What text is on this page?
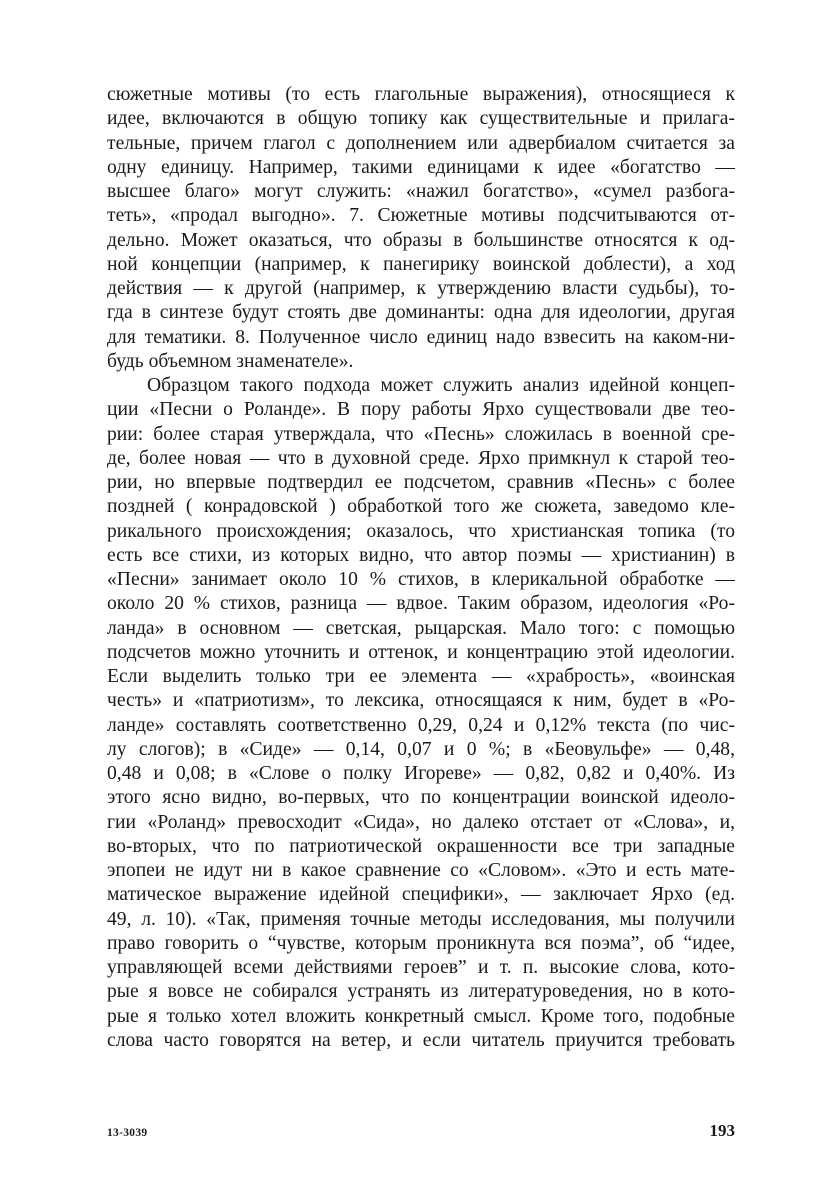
сюжетные мотивы (то есть глагольные выражения), относящиеся к
идее, включаются в общую топику как существительные и прилага-
тельные, причем глагол с дополнением или адвербиалом считается за
одну единицу. Например, такими единицами к идее «богатство —
высшее благо» могут служить: «нажил богатство», «сумел разбога-
теть», «продал выгодно». 7. Сюжетные мотивы подсчитываются от-
дельно. Может оказаться, что образы в большинстве относятся к од-
ной концепции (например, к панегирику воинской доблести), а ход
действия — к другой (например, к утверждению власти судьбы), то-
гда в синтезе будут стоять две доминанты: одна для идеологии, другая
для тематики. 8. Полученное число единиц надо взвесить на каком-ни-
будь объемном знаменателе».
Образцом такого подхода может служить анализ идейной концеп-
ции «Песни о Роланде». В пору работы Ярхо существовали две тео-
рии: более старая утверждала, что «Песнь» сложилась в военной сре-
де, более новая — что в духовной среде. Ярхо примкнул к старой тео-
рии, но впервые подтвердил ее подсчетом, сравнив «Песнь» с более
поздней ( конрадовской ) обработкой того же сюжета, заведомо кле-
рикального происхождения; оказалось, что христианская топика (то
есть все стихи, из которых видно, что автор поэмы — христианин) в
«Песни» занимает около 10 % стихов, в клерикальной обработке —
около 20 % стихов, разница — вдвое. Таким образом, идеология «Ро-
ланда» в основном — светская, рыцарская. Мало того: с помощью
подсчетов можно уточнить и оттенок, и концентрацию этой идеологии.
Если выделить только три ее элемента — «храбрость», «воинская
честь» и «патриотизм», то лексика, относящаяся к ним, будет в «Ро-
ланде» составлять соответственно 0,29, 0,24 и 0,12% текста (по чис-
лу слогов); в «Сиде» — 0,14, 0,07 и 0 %; в «Беовульфе» — 0,48,
0,48 и 0,08; в «Слове о полку Игореве» — 0,82, 0,82 и 0,40%. Из
этого ясно видно, во-первых, что по концентрации воинской идеоло-
гии «Роланд» превосходит «Сида», но далеко отстает от «Слова», и,
во-вторых, что по патриотической окрашенности все три западные
эпопеи не идут ни в какое сравнение со «Словом». «Это и есть мате-
матическое выражение идейной специфики», — заключает Ярхо (ед.
49, л. 10). «Так, применяя точные методы исследования, мы получили
право говорить о “чувстве, которым проникнута вся поэма”, об “идее,
управляющей всеми действиями героев” и т. п. высокие слова, кото-
рые я вовсе не собирался устранять из литературоведения, но в кото-
рые я только хотел вложить конкретный смысл. Кроме того, подобные
слова часто говорятся на ветер, и если читатель приучится требовать
13-3039	193
